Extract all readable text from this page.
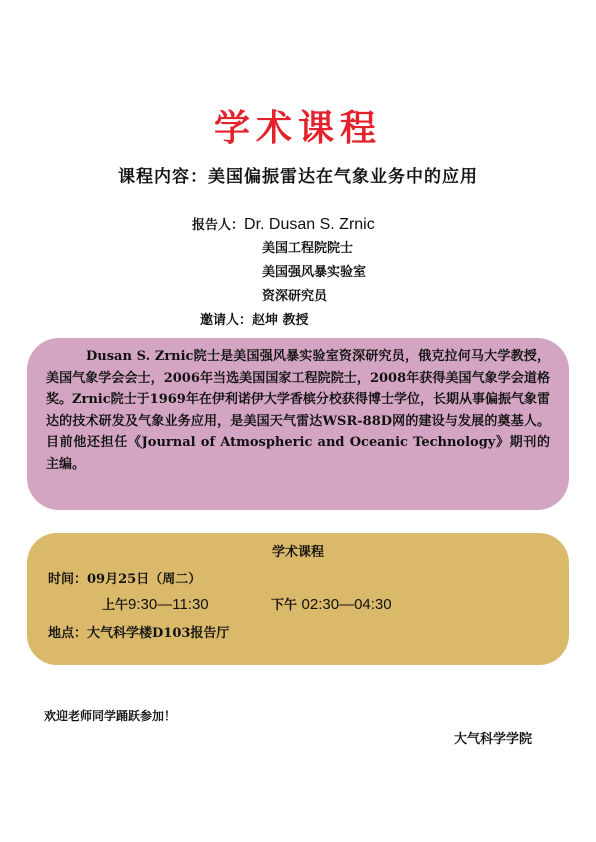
学术课程
课程内容：美国偏振雷达在气象业务中的应用
报告人：Dr. Dusan S. Zrnic
美国工程院院士
美国强风暴实验室
资深研究员
邀请人：赵坤 教授

Dusan S. Zrnic院士是美国强风暴实验室资深研究员，俄克拉何马大学教授，美国气象学会会士，2006年当选美国国家工程院院士，2008年获得美国气象学会道格奖。Zrnic院士于1969年在伊利诺伊大学香槟分校获得博士学位，长期从事偏振气象雷达的技术研发及气象业务应用，是美国天气雷达WSR-88D网的建设与发展的奠基人。目前他还担任《Journal of Atmospheric and Oceanic Technology》期刊的主编。

学术课程
时间：09月25日（周二）
上午9:30—11:30	下午 02:30—04:30
地点：大气科学楼D103报告厅
欢迎老师同学踊跃参加！
大气科学学院
